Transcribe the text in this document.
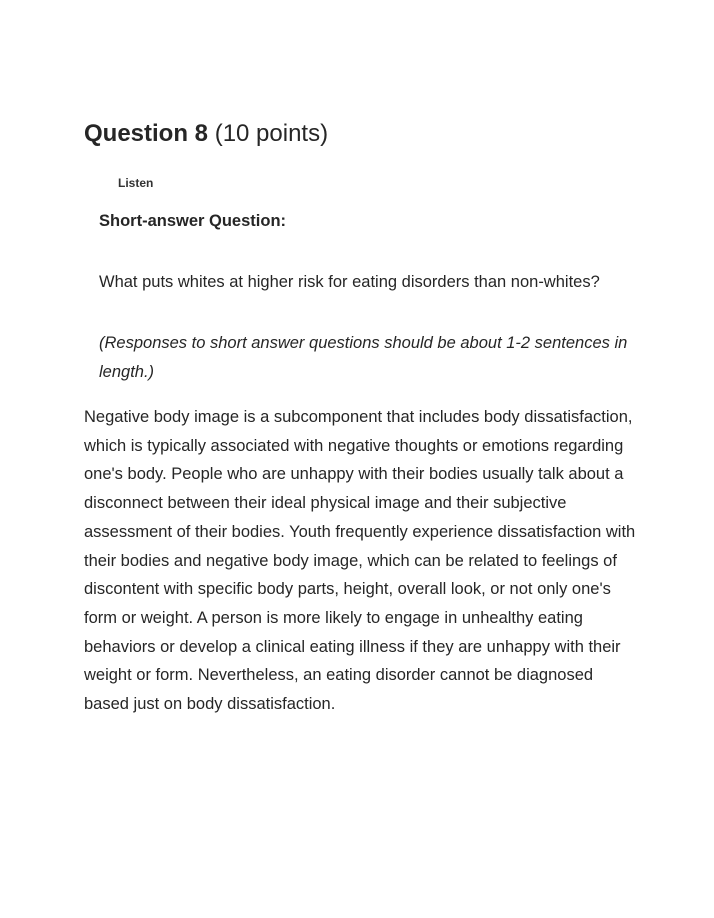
Question 8 (10 points)
Listen
Short-answer Question:
What puts whites at higher risk for eating disorders than non-whites?
(Responses to short answer questions should be about 1-2 sentences in length.)

Negative body image is a subcomponent that includes body dissatisfaction, which is typically associated with negative thoughts or emotions regarding one's body. People who are unhappy with their bodies usually talk about a disconnect between their ideal physical image and their subjective assessment of their bodies. Youth frequently experience dissatisfaction with their bodies and negative body image, which can be related to feelings of discontent with specific body parts, height, overall look, or not only one's form or weight. A person is more likely to engage in unhealthy eating behaviors or develop a clinical eating illness if they are unhappy with their weight or form. Nevertheless, an eating disorder cannot be diagnosed based just on body dissatisfaction.
